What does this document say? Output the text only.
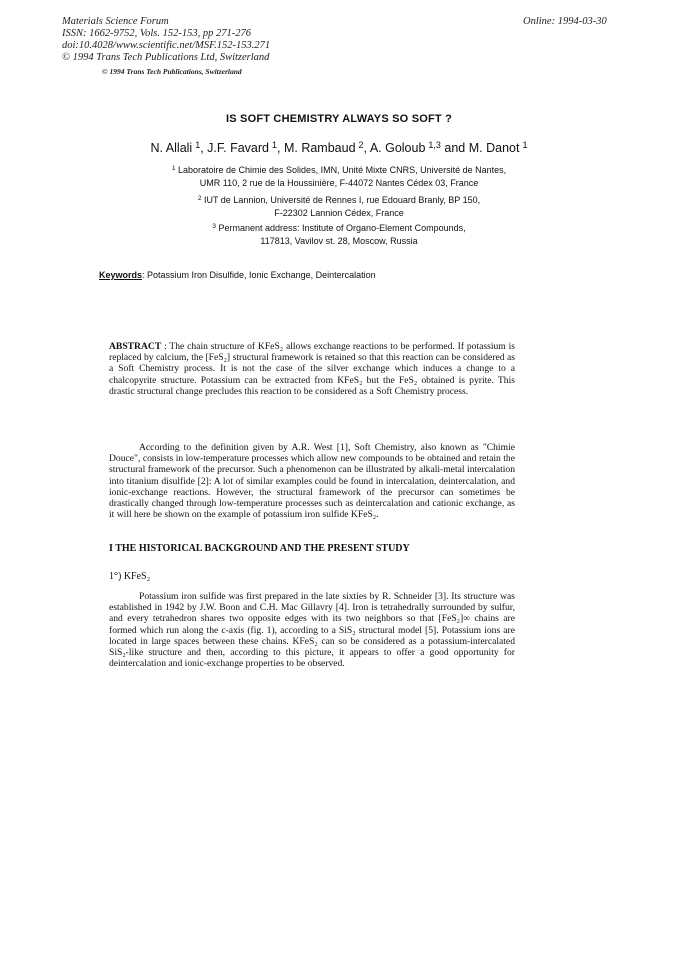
Materials Science Forum
ISSN: 1662-9752, Vols. 152-153, pp 271-276
doi:10.4028/www.scientific.net/MSF.152-153.271
© 1994 Trans Tech Publications Ltd, Switzerland
Online: 1994-03-30
© 1994 Trans Tech Publications, Switzerland
IS SOFT CHEMISTRY ALWAYS SO SOFT ?
N. Allali $^1$, J.F. Favard $^1$, M. Rambaud $^2$, A. Goloub $^{1,3}$ and M. Danot $^1$
$^1$ Laboratoire de Chimie des Solides, IMN, Unité Mixte CNRS, Université de Nantes,
UMR 110, 2 rue de la Houssinière, F-44072 Nantes Cédex 03, France
$^2$ IUT de Lannion, Université de Rennes I, rue Edouard Branly, BP 150,
F-22302 Lannion Cédex, France
$^3$ Permanent address: Institute of Organo-Element Compounds,
117813, Vavilov st. 28, Moscow, Russia
Keywords: Potassium Iron Disulfide, Ionic Exchange, Deintercalation
ABSTRACT : The chain structure of KFeS₂ allows exchange reactions to be performed. If potassium is replaced by calcium, the [FeS₂] structural framework is retained so that this reaction can be considered as a Soft Chemistry process. It is not the case of the silver exchange which induces a change to a chalcopyrite structure. Potassium can be extracted from KFeS₂ but the FeS₂ obtained is pyrite. This drastic structural change precludes this reaction to be considered as a Soft Chemistry process.
According to the definition given by A.R. West [1], Soft Chemistry, also known as "Chimie Douce", consists in low-temperature processes which allow new compounds to be obtained and retain the structural framework of the precursor. Such a phenomenon can be illustrated by alkali-metal intercalation into titanium disulfide [2]: A lot of similar examples could be found in intercalation, deintercalation, and ionic-exchange reactions. However, the structural framework of the precursor can sometimes be drastically changed through low-temperature processes such as deintercalation and cationic exchange, as it will here be shown on the example of potassium iron sulfide KFeS₂.
I THE HISTORICAL BACKGROUND AND THE PRESENT STUDY
1°) KFeS₂
Potassium iron sulfide was first prepared in the late sixties by R. Schneider [3]. Its structure was established in 1942 by J.W. Boon and C.H. Mac Gillavry [4]. Iron is tetrahedrally surrounded by sulfur, and every tetrahedron shares two opposite edges with its two neighbors so that [FeS₂]∞ chains are formed which run along the c-axis (fig. 1), according to a SiS₂ structural model [5]. Potassium ions are located in large spaces between these chains. KFeS₂ can so be considered as a potassium-intercalated SiS₂-like structure and then, according to this picture, it appears to offer a good opportunity for deintercalation and ionic-exchange properties to be observed.
